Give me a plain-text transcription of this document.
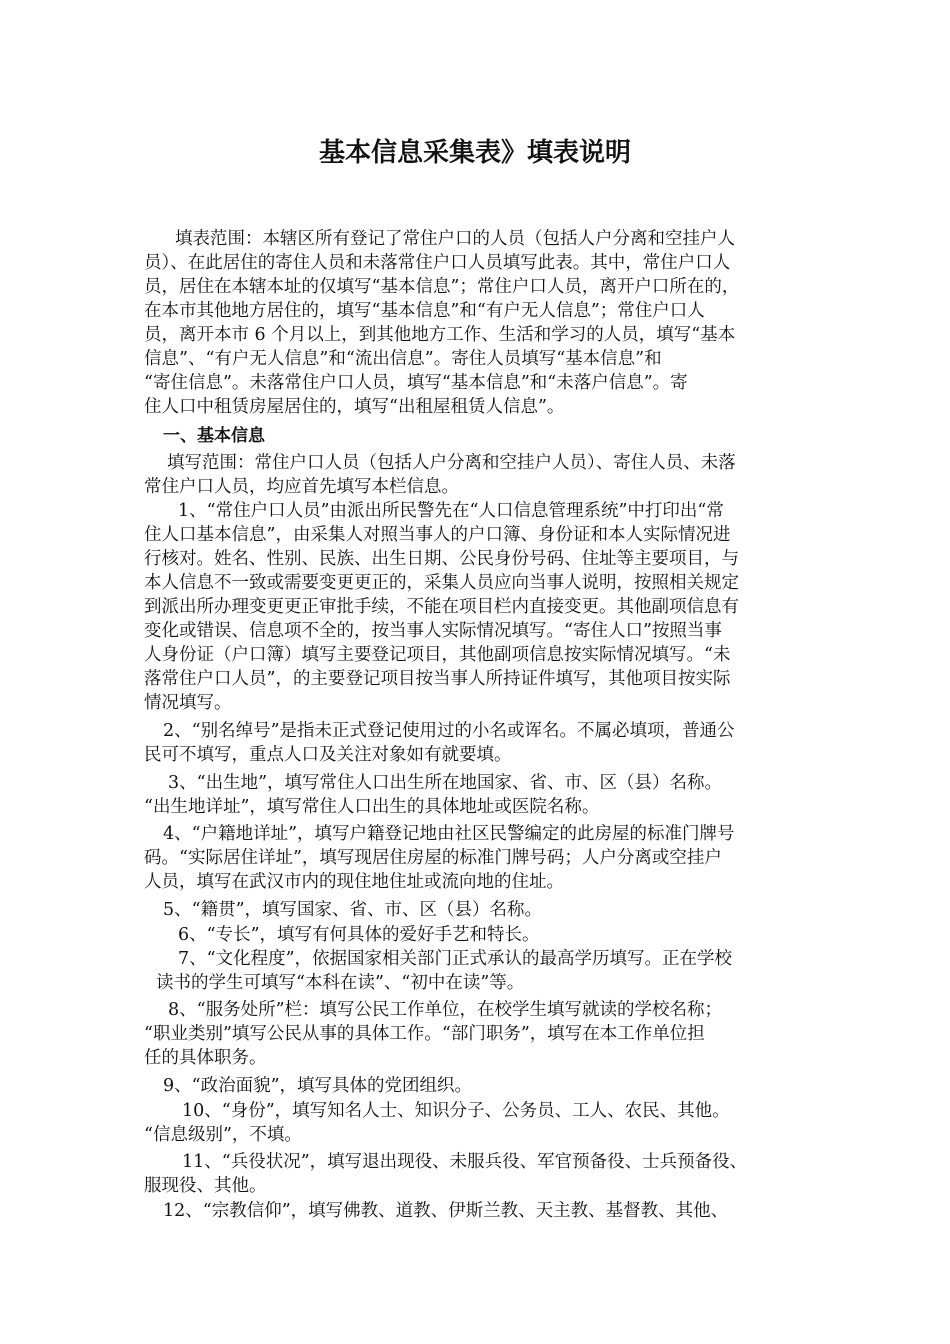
基本信息采集表》填表说明
填表范围：本辖区所有登记了常住户口的人员（包括人户分离和空挂户人
员）、在此居住的寄住人员和未落常住户口人员填写此表。其中，常住户口人
员，居住在本辖本址的仅填写“基本信息”；常住户口人员，离开户口所在的，
在本市其他地方居住的，填写“基本信息”和“有户无人信息”；常住户口人
员，离开本市 6 个月以上，到其他地方工作、生活和学习的人员，填写“基本
信息”、“有户无人信息”和“流出信息”。寄住人员填写“基本信息”和
“寄住信息”。未落常住户口人员，填写“基本信息”和“未落户信息”。寄
住人口中租赁房屋居住的，填写“出租屋租赁人信息”。
一、基本信息
填写范围：常住户口人员（包括人户分离和空挂户人员）、寄住人员、未落
常住户口人员，均应首先填写本栏信息。
1、“常住户口人员”由派出所民警先在“人口信息管理系统”中打印出“常
住人口基本信息”，由采集人对照当事人的户口簿、身份证和本人实际情况进
行核对。姓名、性别、民族、出生日期、公民身份号码、住址等主要项目，与
本人信息不一致或需要变更更正的，采集人员应向当事人说明，按照相关规定
到派出所办理变更更正审批手续，不能在项目栏内直接变更。其他副项信息有
变化或错误、信息项不全的，按当事人实际情况填写。“寄住人口”按照当事
人身份证（户口簿）填写主要登记项目，其他副项信息按实际情况填写。“未
落常住户口人员”，的主要登记项目按当事人所持证件填写，其他项目按实际
情况填写。
2、“别名绰号”是指未正式登记使用过的小名或诨名。不属必填项，普通公
民可不填写，重点人口及关注对象如有就要填。
3、“出生地”，填写常住人口出生所在地国家、省、市、区（县）名称。
“出生地详址”，填写常住人口出生的具体地址或医院名称。
4、“户籍地详址”，填写户籍登记地由社区民警编定的此房屋的标准门牌号
码。“实际居住详址”，填写现居住房屋的标准门牌号码；人户分离或空挂户
人员，填写在武汉市内的现住地住址或流向地的住址。
5、“籍贯”，填写国家、省、市、区（县）名称。
6、“专长”，填写有何具体的爱好手艺和特长。
7、“文化程度”，依据国家相关部门正式承认的最高学历填写。正在学校
读书的学生可填写“本科在读”、“初中在读”等。
8、“服务处所”栏：填写公民工作单位，在校学生填写就读的学校名称；
“职业类别”填写公民从事的具体工作。“部门职务”，填写在本工作单位担
任的具体职务。
9、“政治面貌”，填写具体的党团组织。
10、“身份”，填写知名人士、知识分子、公务员、工人、农民、其他。
“信息级别”，不填。
11、“兵役状况”，填写退出现役、未服兵役、军官预备役、士兵预备役、
服现役、其他。
12、“宗教信仰”，填写佛教、道教、伊斯兰教、天主教、基督教、其他、
